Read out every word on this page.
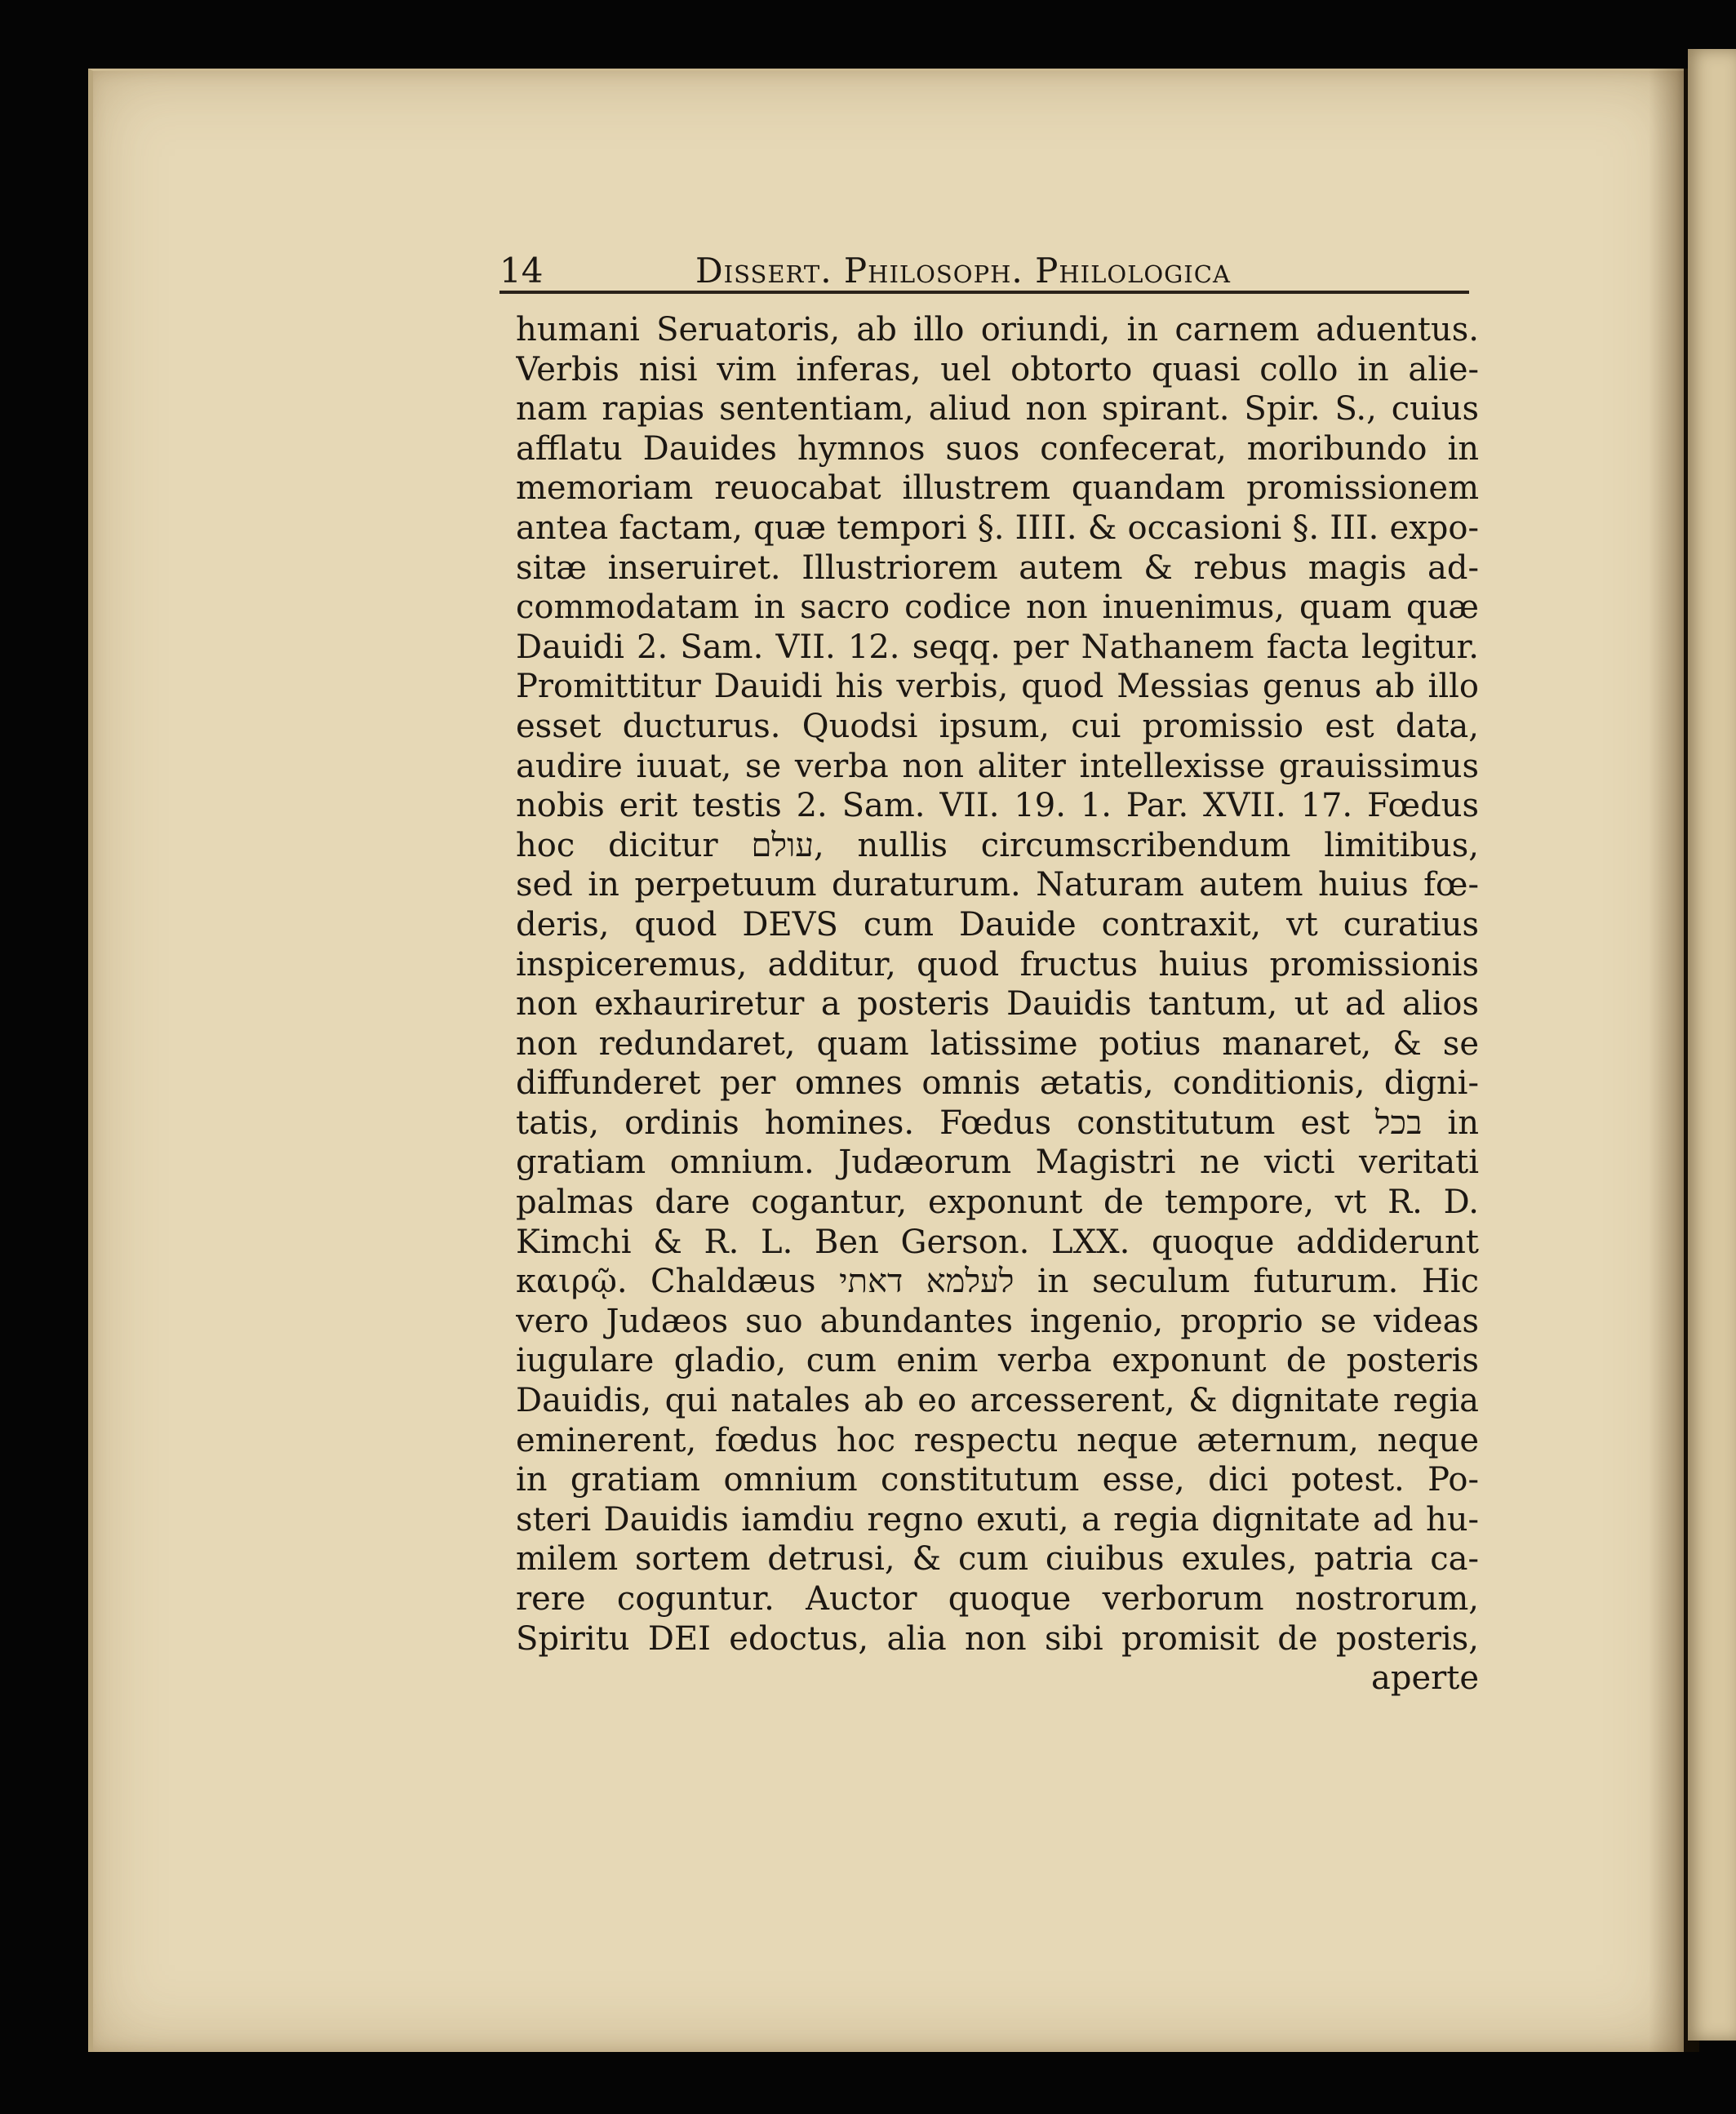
14	Dissert. Philosoph. Philologica
humani Seruatoris, ab illo oriundi, in carnem aduentus.
Verbis nisi vim inferas, uel obtorto quasi collo in alie-
nam rapias sententiam, aliud non spirant. Spir. S., cuius
afflatu Dauides hymnos suos confecerat, moribundo in
memoriam reuocabat illustrem quandam promissionem
antea factam, quæ tempori §. IIII. & occasioni §. III. expo-
sitæ inseruiret. Illustriorem autem & rebus magis ad-
commodatam in sacro codice non inuenimus, quam quæ
Dauidi 2. Sam. VII. 12. seqq. per Nathanem facta legitur.
Promittitur Dauidi his verbis, quod Messias genus ab illo
esset ducturus. Quodsi ipsum, cui promissio est data,
audire iuuat, se verba non aliter intellexisse grauissimus
nobis erit testis 2. Sam. VII. 19. 1. Par. XVII. 17. Fœdus
hoc dicitur עולם, nullis circumscribendum limitibus,
sed in perpetuum duraturum. Naturam autem huius fœ-
deris, quod DEVS cum Dauide contraxit, vt curatius
inspiceremus, additur, quod fructus huius promissionis
non exhauriretur a posteris Dauidis tantum, ut ad alios
non redundaret, quam latissime potius manaret, & se
diffunderet per omnes omnis ætatis, conditionis, digni-
tatis, ordinis homines. Fœdus constitutum est בכל in
gratiam omnium. Judæorum Magistri ne victi veritati
palmas dare cogantur, exponunt de tempore, vt R. D.
Kimchi & R. L. Ben Gerson. LXX. quoque addiderunt
καιρῷ. Chaldæus לעלמא דאתי in seculum futurum. Hic
vero Judæos suo abundantes ingenio, proprio se videas
iugulare gladio, cum enim verba exponunt de posteris
Dauidis, qui natales ab eo arcesserent, & dignitate regia
eminerent, fœdus hoc respectu neque æternum, neque
in gratiam omnium constitutum esse, dici potest. Po-
steri Dauidis iamdiu regno exuti, a regia dignitate ad hu-
milem sortem detrusi, & cum ciuibus exules, patria ca-
rere coguntur. Auctor quoque verborum nostrorum,
Spiritu DEI edoctus, alia non sibi promisit de posteris,
aperte
